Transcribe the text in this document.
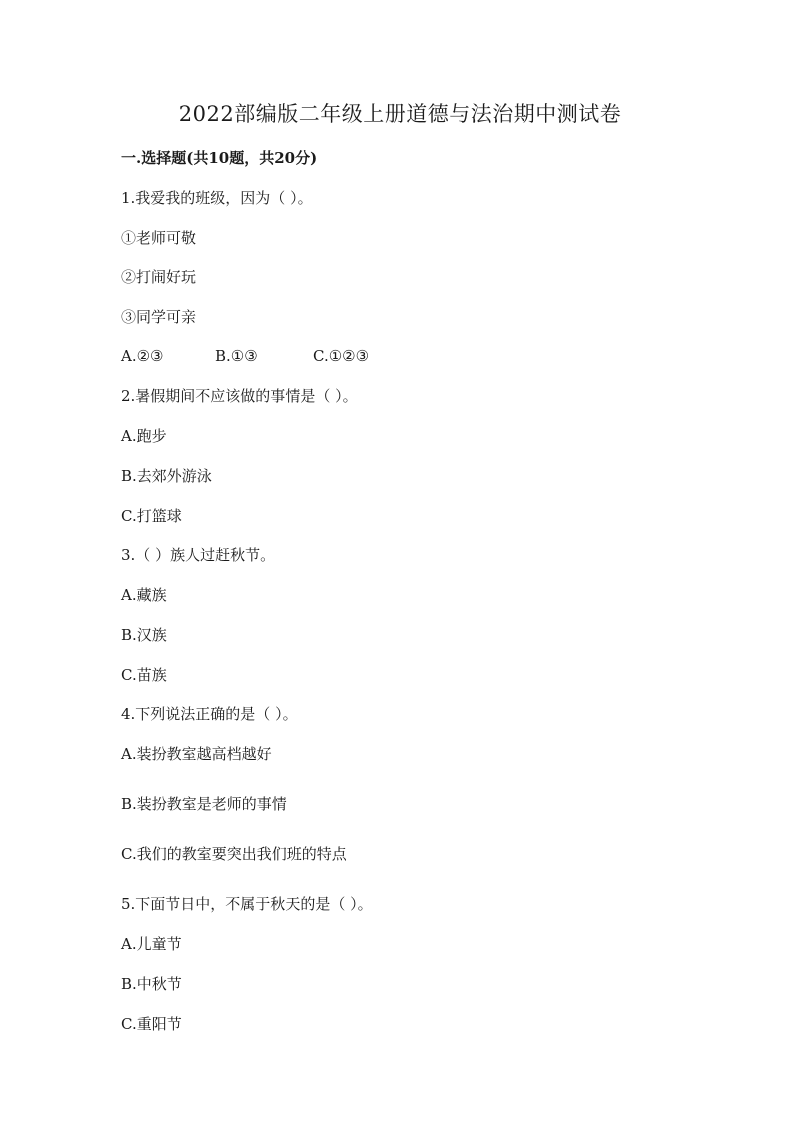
2022部编版二年级上册道德与法治期中测试卷
一.选择题(共10题，共20分)
1.我爱我的班级，因为（ ）。
①老师可敬
②打闹好玩
③同学可亲
A.②③	B.①③	C.①②③
2.暑假期间不应该做的事情是（ ）。
A.跑步
B.去郊外游泳
C.打篮球
3.（ ）族人过赶秋节。
A.藏族
B.汉族
C.苗族
4.下列说法正确的是（ ）。
A.装扮教室越高档越好
B.装扮教室是老师的事情
C.我们的教室要突出我们班的特点
5.下面节日中，不属于秋天的是（ ）。
A.儿童节
B.中秋节
C.重阳节
